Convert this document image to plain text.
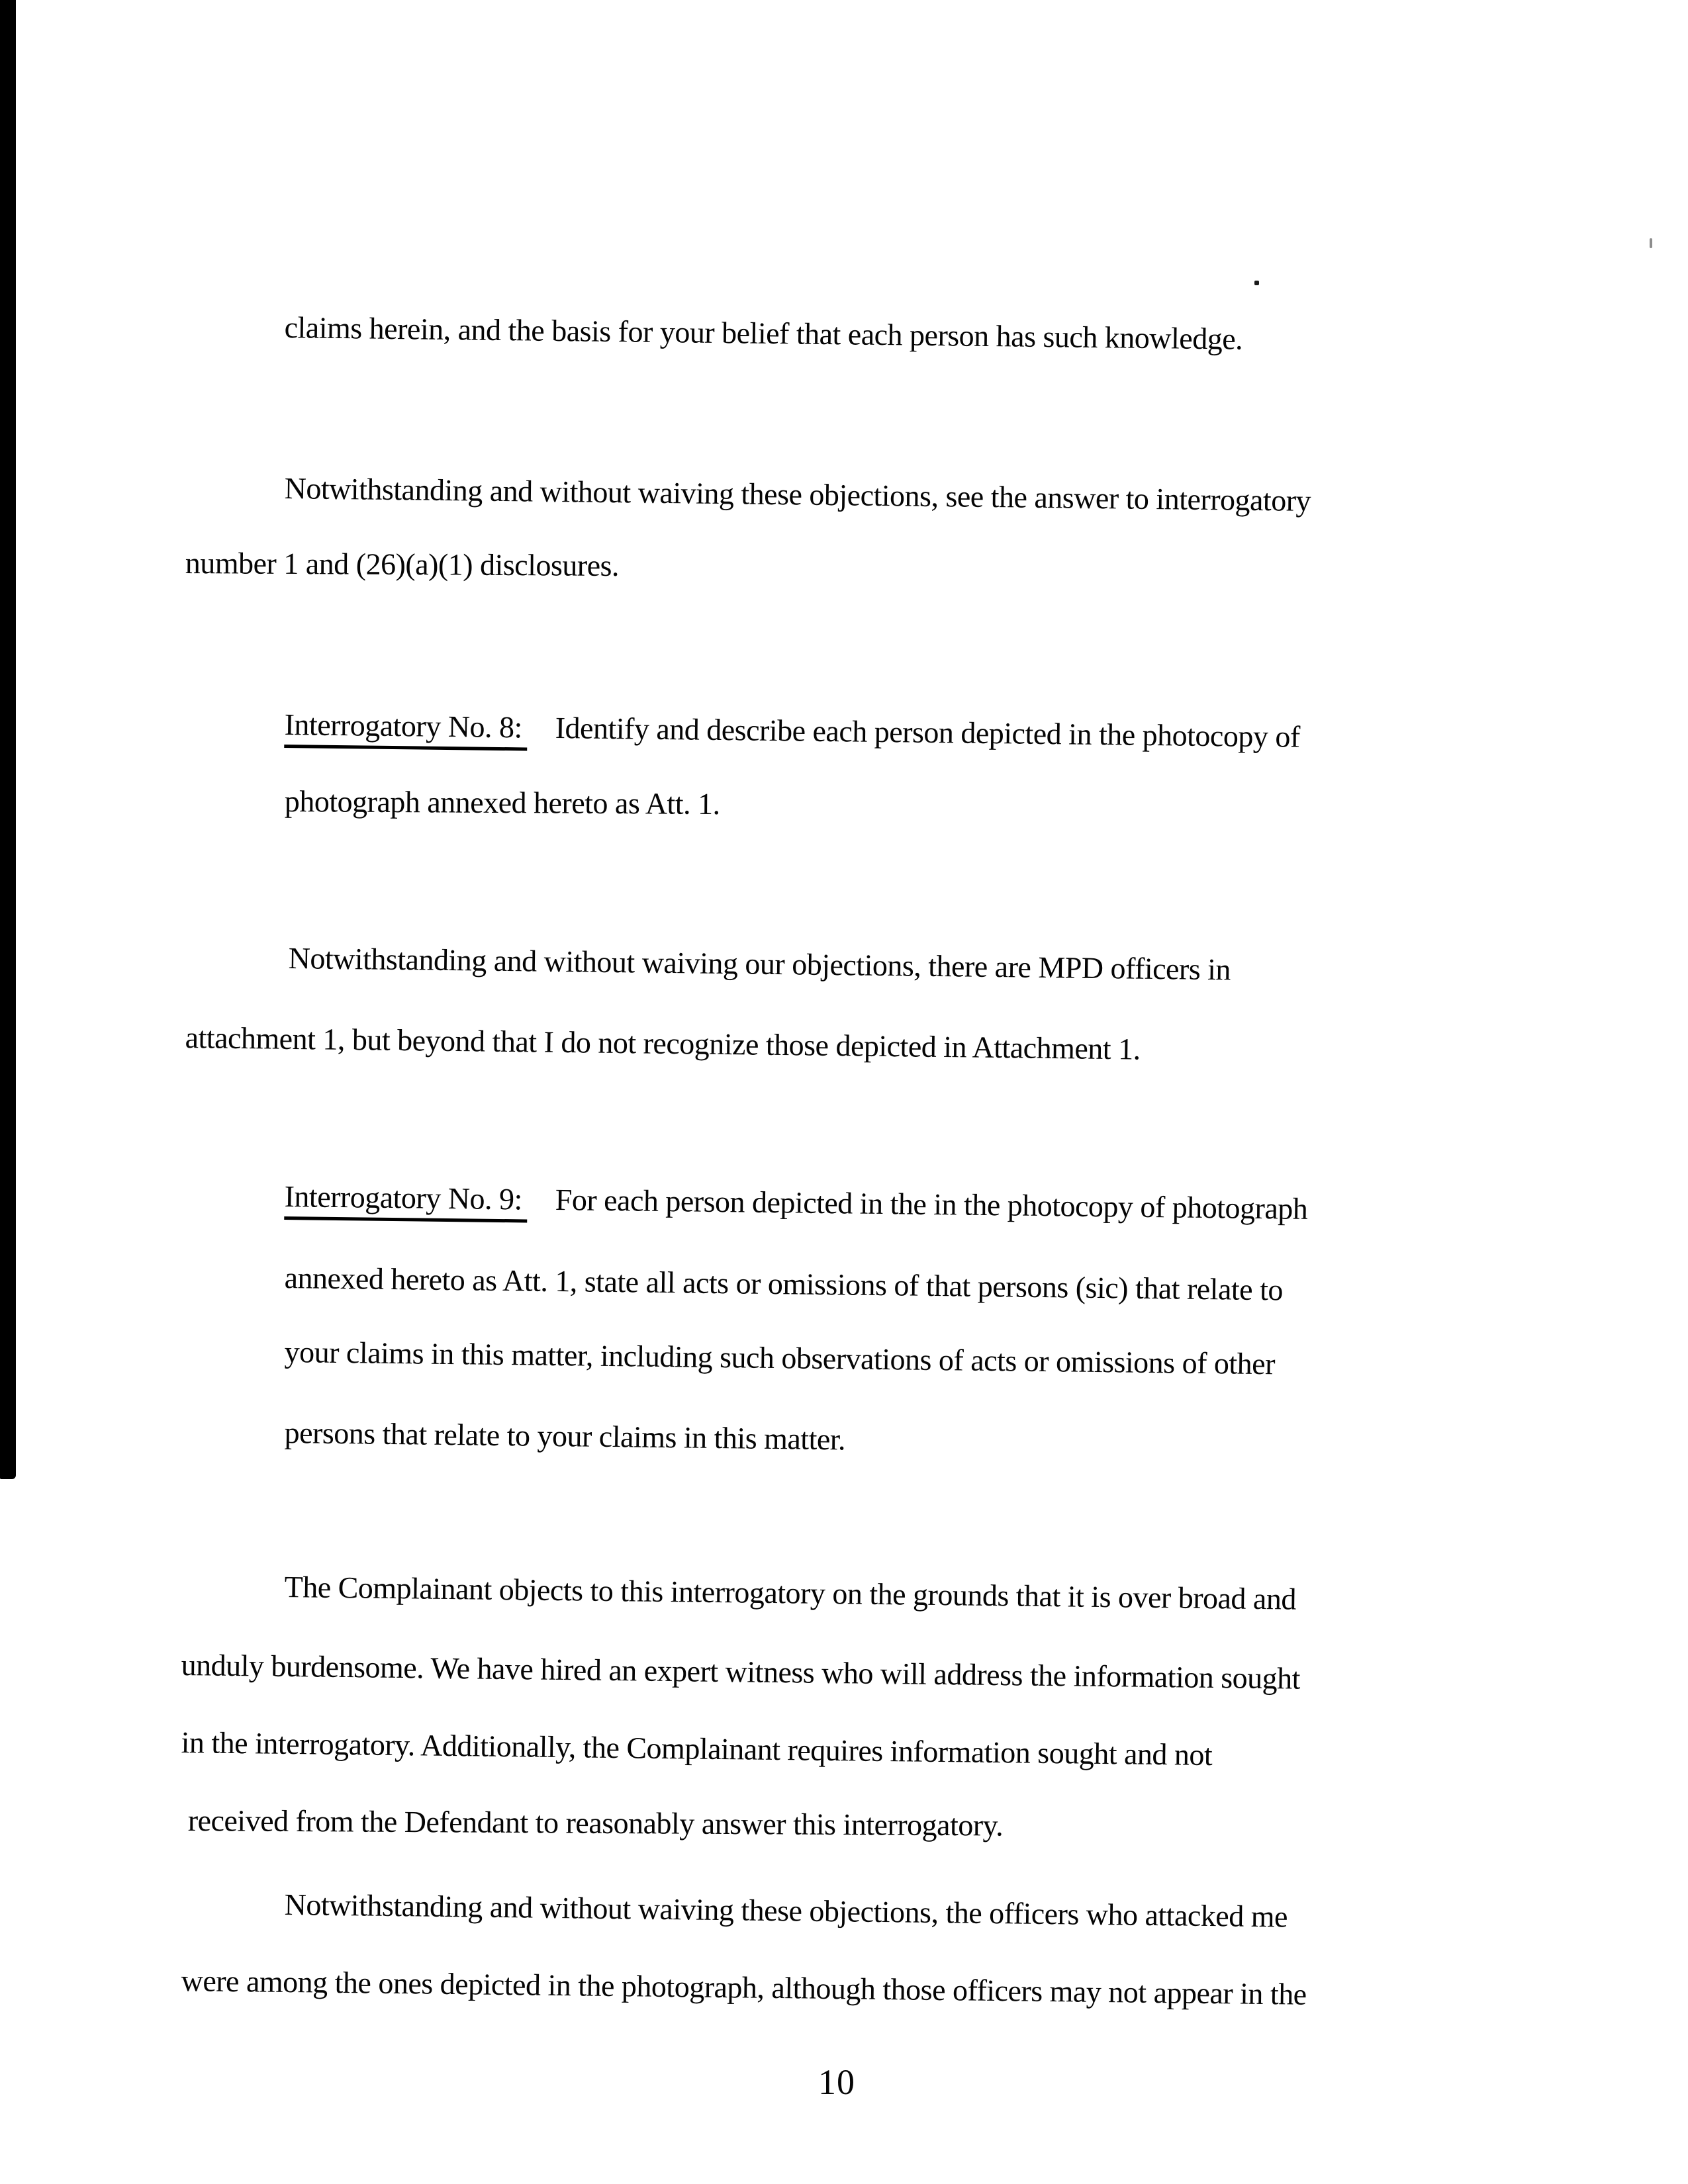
claims herein, and the basis for your belief that each person has such knowledge.
Notwithstanding and without waiving these objections, see the answer to interrogatory
number 1 and (26)(a)(1) disclosures.
Interrogatory No. 8: Identify and describe each person depicted in the photocopy of
photograph annexed hereto as Att. 1.
Notwithstanding and without waiving our objections, there are MPD officers in
attachment 1, but beyond that I do not recognize those depicted in Attachment 1.
Interrogatory No. 9: For each person depicted in the in the photocopy of photograph
annexed hereto as Att. 1, state all acts or omissions of that persons (sic) that relate to
your claims in this matter, including such observations of acts or omissions of other
persons that relate to your claims in this matter.
The Complainant objects to this interrogatory on the grounds that it is over broad and
unduly burdensome. We have hired an expert witness who will address the information sought
in the interrogatory. Additionally, the Complainant requires information sought and not
received from the Defendant to reasonably answer this interrogatory.
Notwithstanding and without waiving these objections, the officers who attacked me
were among the ones depicted in the photograph, although those officers may not appear in the
10
